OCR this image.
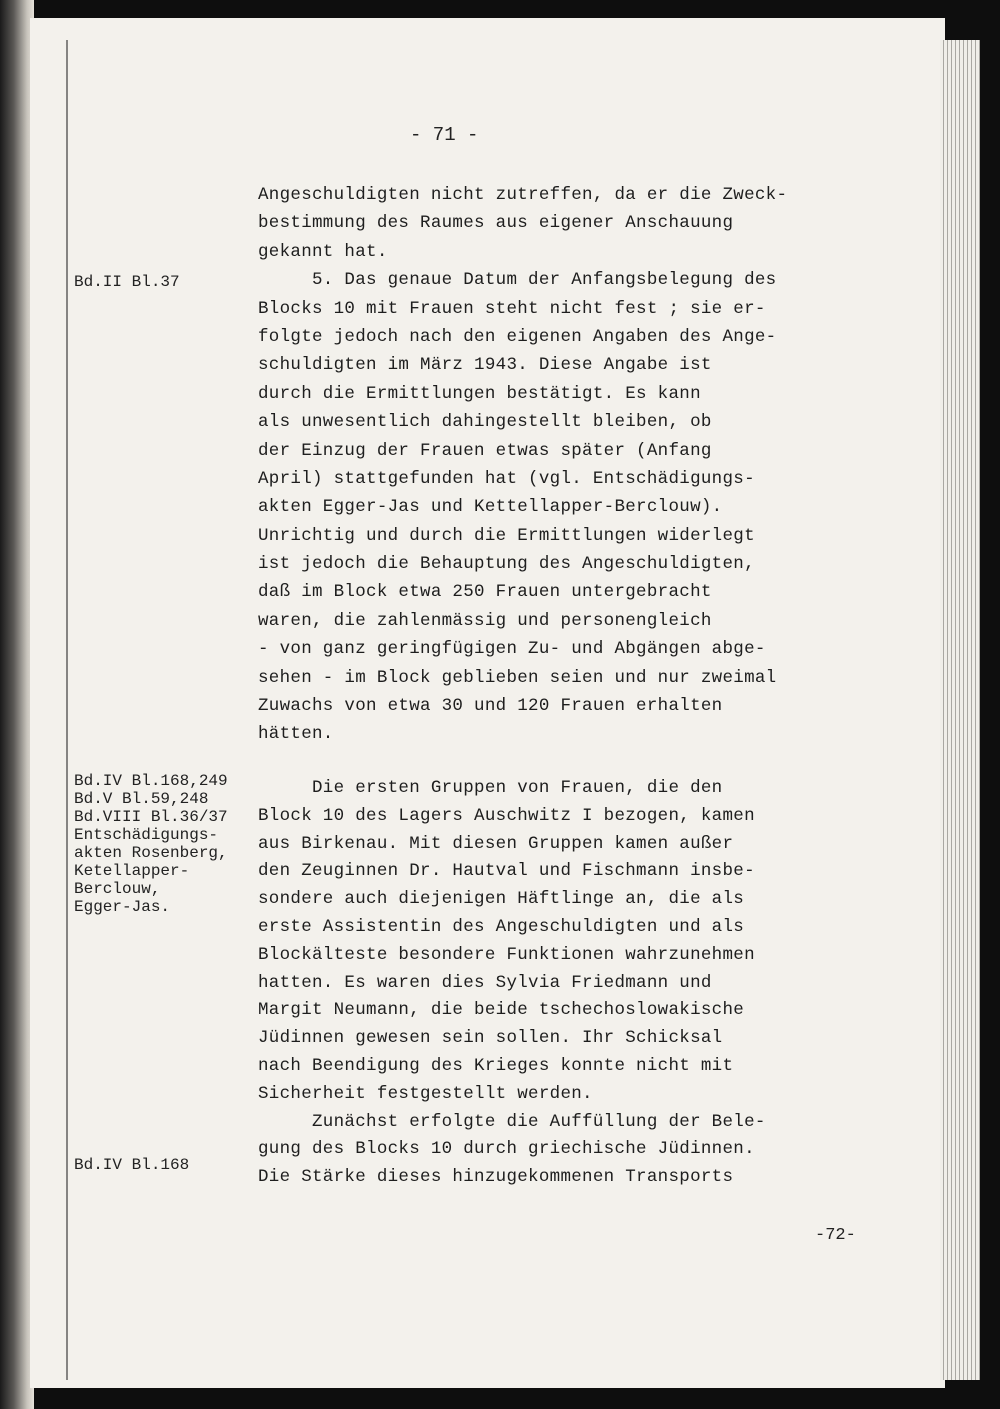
- 71 -
Angeschuldigten nicht zutreffen, da er die Zweck-
bestimmung des Raumes aus eigener Anschauung
gekannt hat.
5. Das genaue Datum der Anfangsbelegung des
Blocks 10 mit Frauen steht nicht fest ; sie er-
folgte jedoch nach den eigenen Angaben des Ange-
schuldigten im März 1943. Diese Angabe ist
durch die Ermittlungen bestätigt. Es kann
als unwesentlich dahingestellt bleiben, ob
der Einzug der Frauen etwas später (Anfang
April) stattgefunden hat (vgl. Entschädigungs-
akten Egger-Jas und Kettellapper-Berclouw).
Unrichtig und durch die Ermittlungen widerlegt
ist jedoch die Behauptung des Angeschuldigten,
daß im Block etwa 250 Frauen untergebracht
waren, die zahlenmässig und personengleich
- von ganz geringfügigen Zu- und Abgängen abge-
sehen - im Block geblieben seien und nur zweimal
Zuwachs von etwa 30 und 120 Frauen erhalten
hätten.
Die ersten Gruppen von Frauen, die den
Block 10 des Lagers Auschwitz I bezogen, kamen
aus Birkenau. Mit diesen Gruppen kamen außer
den Zeuginnen Dr. Hautval und Fischmann insbe-
sondere auch diejenigen Häftlinge an, die als
erste Assistentin des Angeschuldigten und als
Blockälteste besondere Funktionen wahrzunehmen
hatten. Es waren dies Sylvia Friedmann und
Margit Neumann, die beide tschechoslowakische
Jüdinnen gewesen sein sollen. Ihr Schicksal
nach Beendigung des Krieges konnte nicht mit
Sicherheit festgestellt werden.
Zunächst erfolgte die Auffüllung der Bele-
gung des Blocks 10 durch griechische Jüdinnen.
Die Stärke dieses hinzugekommenen Transports
Bd.II Bl.37
Bd.IV Bl.168,249
Bd.V Bl.59,248
Bd.VIII Bl.36/37
Entschädigungs-
akten Rosenberg,
Ketellapper-
Berclouw,
Egger-Jas.
Bd.IV Bl.168
-72-
